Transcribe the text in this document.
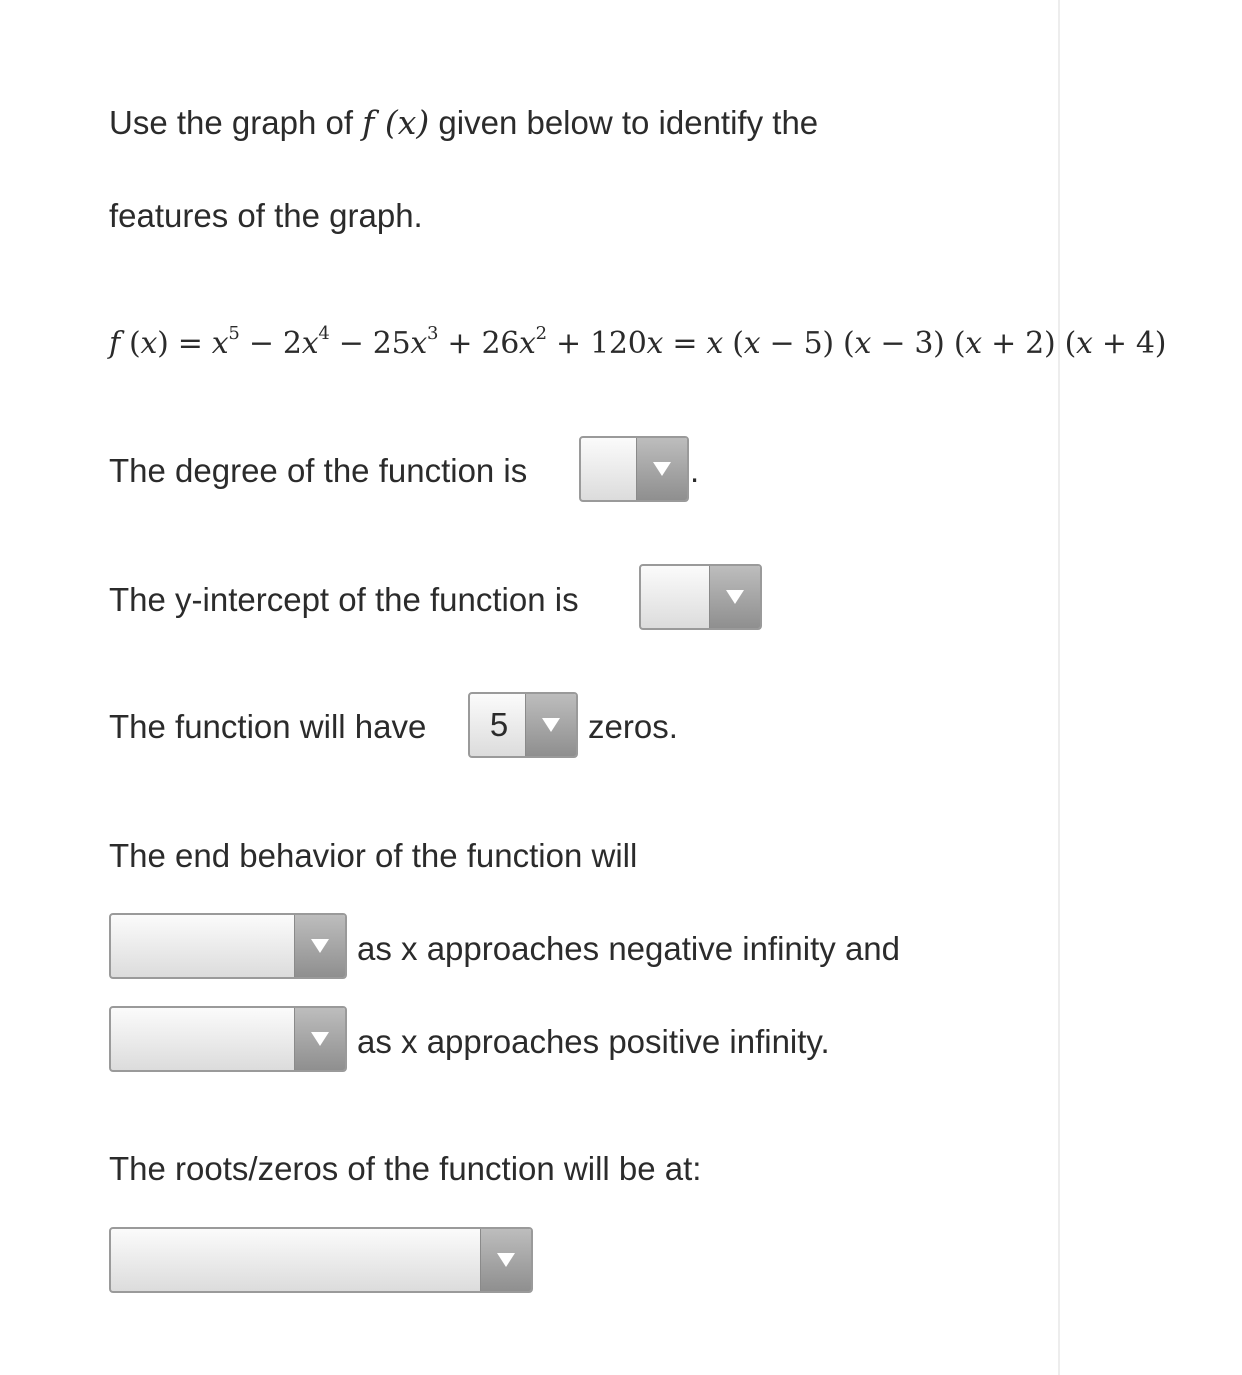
Use the graph of f (x) given below to identify the
features of the graph.
f $(x) = x^5 - 2x^4 - 25x^3 + 26x^2 + 120x = x$ (x − 5) (x − 3) (x + 2) (x + 4)
The degree of the function is	.
The y-intercept of the function is
The function will have	5	zeros.
The end behavior of the function will
as x approaches negative infinity and
as x approaches positive infinity.
The roots/zeros of the function will be at:
